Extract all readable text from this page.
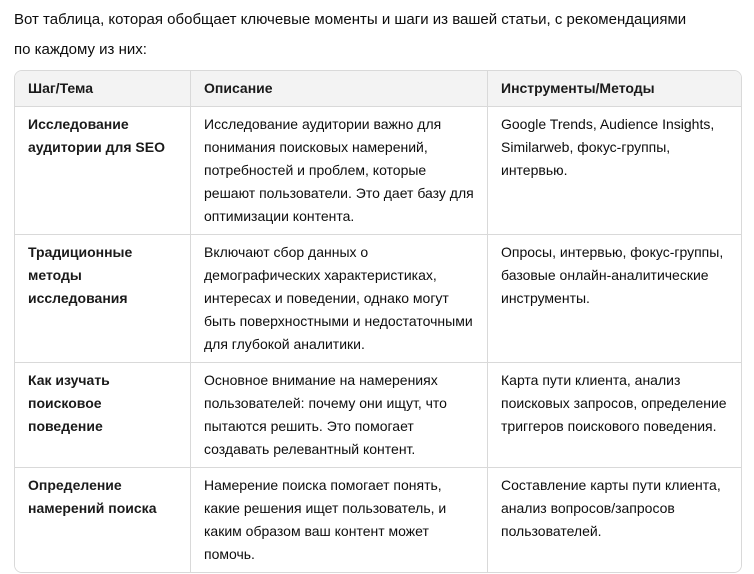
Вот таблица, которая обобщает ключевые моменты и шаги из вашей статьи, с рекомендациями
по каждому из них:

Шаг/Тема	Описание	Инструменты/Методы
Исследование аудитории для SEO	Исследование аудитории важно для понимания поисковых намерений, потребностей и проблем, которые решают пользователи. Это дает базу для оптимизации контента.	Google Trends, Audience Insights, Similarweb, фокус-группы, интервью.
Традиционные методы исследования	Включают сбор данных о демографических характеристиках, интересах и поведении, однако могут быть поверхностными и недостаточными для глубокой аналитики.	Опросы, интервью, фокус-группы, базовые онлайн-аналитические инструменты.
Как изучать поисковое поведение	Основное внимание на намерениях пользователей: почему они ищут, что пытаются решить. Это помогает создавать релевантный контент.	Карта пути клиента, анализ поисковых запросов, определение триггеров поискового поведения.
Определение намерений поиска	Намерение поиска помогает понять, какие решения ищет пользователь, и каким образом ваш контент может помочь.	Составление карты пути клиента, анализ вопросов/запросов пользователей.
